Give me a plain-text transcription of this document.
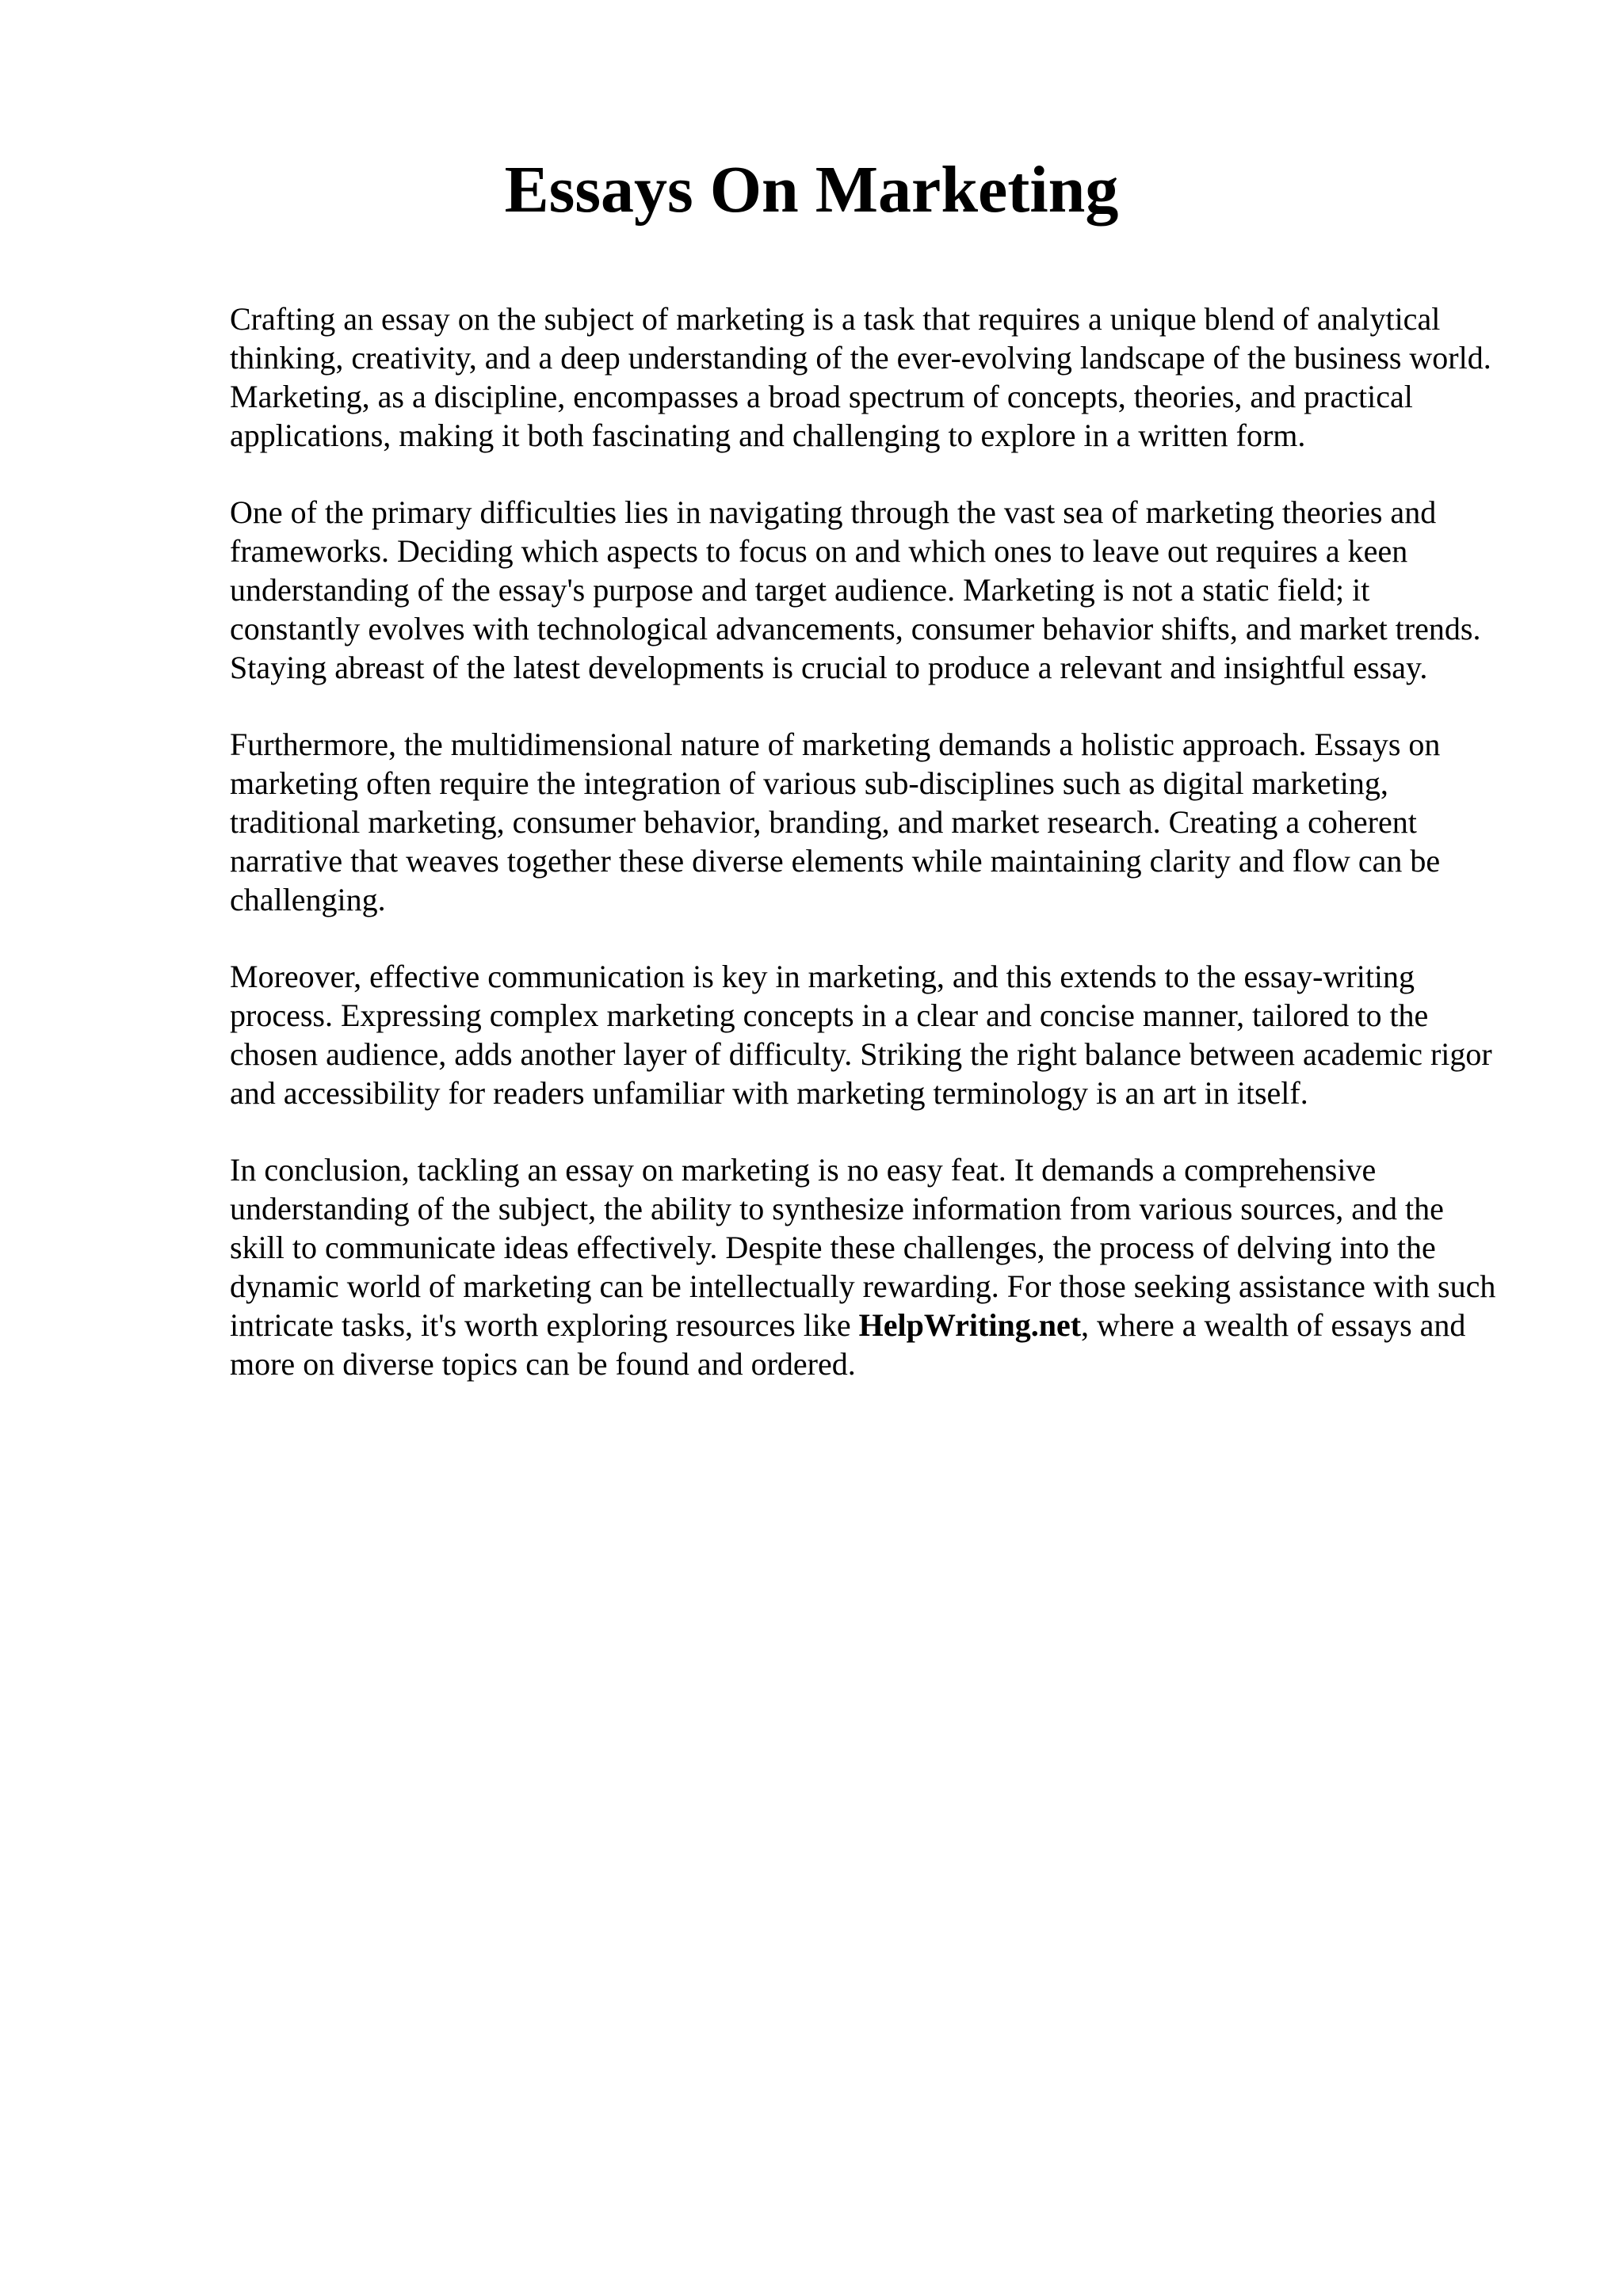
Essays On Marketing

Crafting an essay on the subject of marketing is a task that requires a unique blend of analytical thinking, creativity, and a deep understanding of the ever-evolving landscape of the business world. Marketing, as a discipline, encompasses a broad spectrum of concepts, theories, and practical applications, making it both fascinating and challenging to explore in a written form.

One of the primary difficulties lies in navigating through the vast sea of marketing theories and frameworks. Deciding which aspects to focus on and which ones to leave out requires a keen understanding of the essay's purpose and target audience. Marketing is not a static field; it constantly evolves with technological advancements, consumer behavior shifts, and market trends. Staying abreast of the latest developments is crucial to produce a relevant and insightful essay.

Furthermore, the multidimensional nature of marketing demands a holistic approach. Essays on marketing often require the integration of various sub-disciplines such as digital marketing, traditional marketing, consumer behavior, branding, and market research. Creating a coherent narrative that weaves together these diverse elements while maintaining clarity and flow can be challenging.

Moreover, effective communication is key in marketing, and this extends to the essay-writing process. Expressing complex marketing concepts in a clear and concise manner, tailored to the chosen audience, adds another layer of difficulty. Striking the right balance between academic rigor and accessibility for readers unfamiliar with marketing terminology is an art in itself.

In conclusion, tackling an essay on marketing is no easy feat. It demands a comprehensive understanding of the subject, the ability to synthesize information from various sources, and the skill to communicate ideas effectively. Despite these challenges, the process of delving into the dynamic world of marketing can be intellectually rewarding. For those seeking assistance with such intricate tasks, it's worth exploring resources like HelpWriting.net, where a wealth of essays and more on diverse topics can be found and ordered.
